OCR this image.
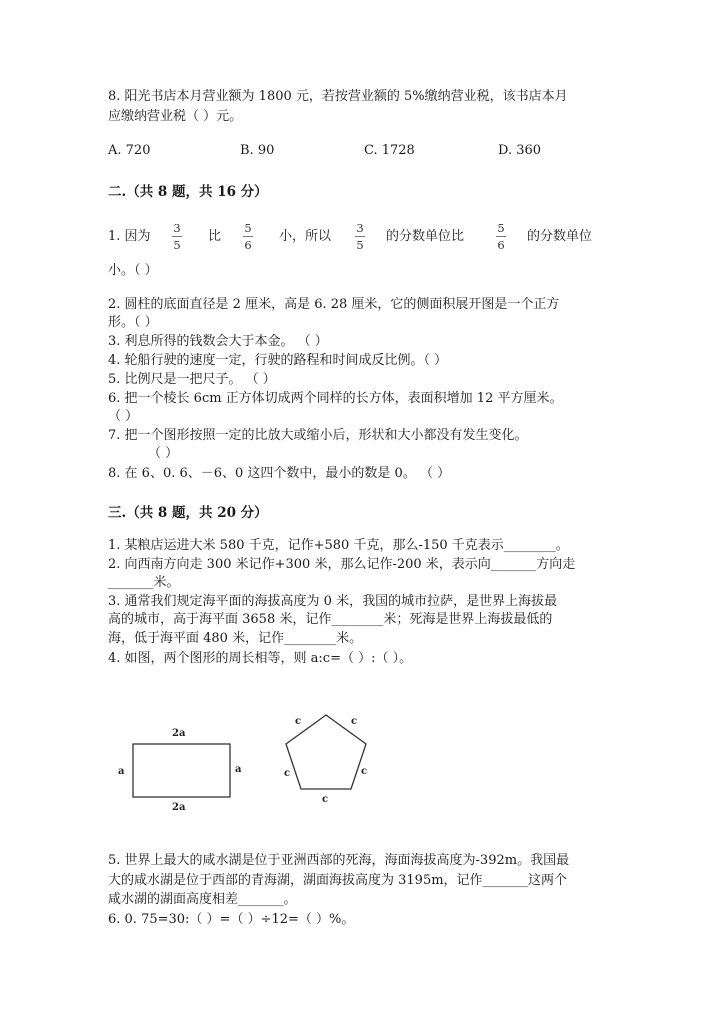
8. 阳光书店本月营业额为 1800 元，若按营业额的 5%缴纳营业税，该书店本月
应缴纳营业税（ ）元。
A. 720	B. 90	C. 1728	D. 360
二.（共 8 题，共 16 分）
1. 因为
3
5
比
5
6
小，所以
3
5
的分数单位比
5
6
的分数单位
小。（ ）
2. 圆柱的底面直径是 2 厘米，高是 6. 28 厘米，它的侧面积展开图是一个正方
形。（ ）
3. 利息所得的钱数会大于本金。 （ ）
4. 轮船行驶的速度一定，行驶的路程和时间成反比例。（ ）
5. 比例尺是一把尺子。 （ ）
6. 把一个棱长 6cm 正方体切成两个同样的长方体，表面积增加 12 平方厘米。
（ ）
7. 把一个图形按照一定的比放大或缩小后，形状和大小都没有发生变化。
（ ）
8. 在 6、0. 6、－6、0 这四个数中，最小的数是 0。 （ ）
三.（共 8 题，共 20 分）
1. 某粮店运进大米 580 千克，记作+580 千克，那么-150 千克表示________。
2. 向西南方向走 300 米记作+300 米，那么记作-200 米，表示向_______方向走
_______米。
3. 通常我们规定海平面的海拔高度为 0 米，我国的城市拉萨，是世界上海拔最
高的城市，高于海平面 3658 米，记作________米；死海是世界上海拔最低的
海，低于海平面 480 米，记作________米。
4. 如图，两个图形的周长相等，则 a:c=（ ）:（ ）。
2a
2a
a	a
c	c
c	c
c
5. 世界上最大的咸水湖是位于亚洲西部的死海，海面海拔高度为-392m。我国最
大的咸水湖是位于西部的青海湖，湖面海拔高度为 3195m，记作_______这两个
咸水湖的湖面高度相差_______。
6. 0. 75=30:（ ）=（ ）÷12=（ ）%。
